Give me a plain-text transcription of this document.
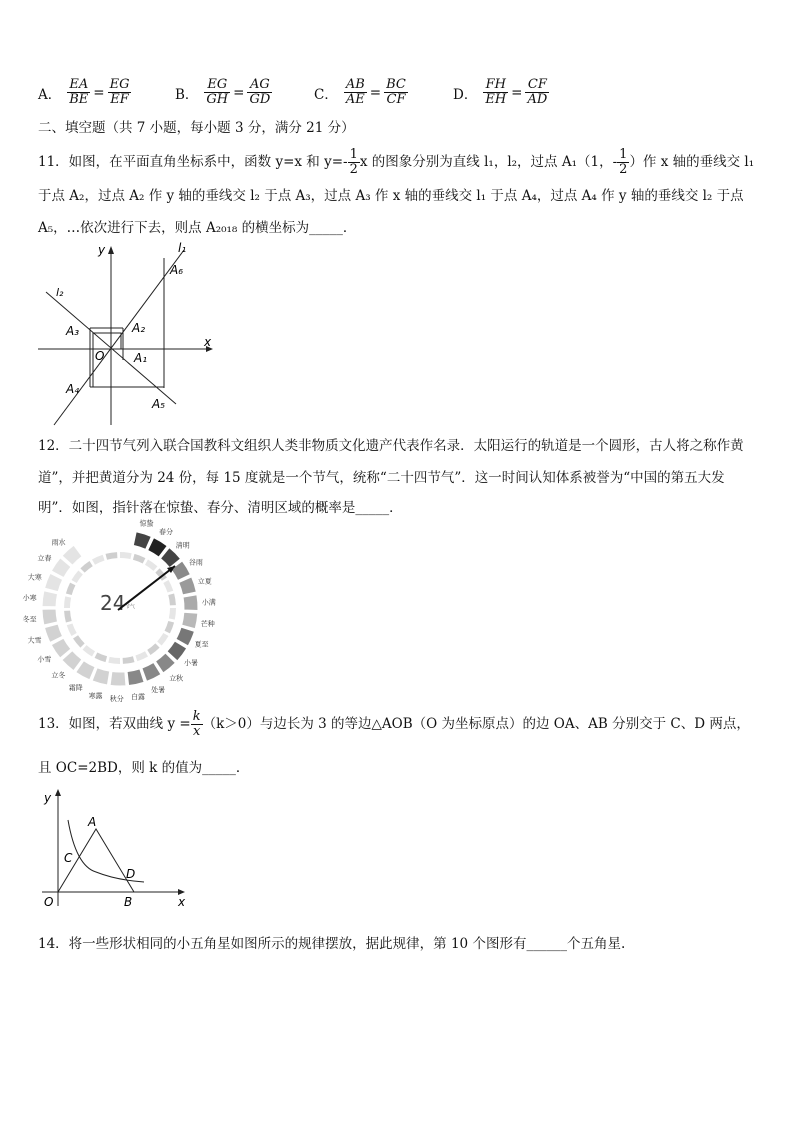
A． $\frac{EA}{BE} = \frac{EG}{EF}$	B． $\frac{EG}{GH} = \frac{AG}{GD}$	C． $\frac{AB}{AE} = \frac{BC}{CF}$	D． $\frac{FH}{EH} = \frac{CF}{AD}$
二、填空题（共 7 小题，每小题 3 分，满分 21 分）
11．如图，在平面直角坐标系中，函数 y=x 和 $y=- \frac{1}{2}$ x 的图象分别为直线 l₁，l₂，过点 A₁（1，- $\frac{1}{2}$ ）作 x 轴的垂线交 l₁
于点 A₂，过点 A₂ 作 y 轴的垂线交 l₂ 于点 A₃，过点 A₃ 作 x 轴的垂线交 l₁ 于点 A₄，过点 A₄ 作 y 轴的垂线交 l₂ 于点
A₅，…依次进行下去，则点 A₂₀₁₈ 的横坐标为_____．
y
x
O
l₁
l₂
A₁
A₂
A₃
A₄
A₅
A₆
12．二十四节气列入联合国教科文组织人类非物质文化遗产代表作名录．太阳运行的轨道是一个圆形，古人将之称作黄
道”，并把黄道分为 24 份，每 15 度就是一个节气，统称“二十四节气”．这一时间认知体系被誉为“中国的第五大发
明”．如图，指针落在惊蛰、春分、清明区域的概率是_____．
惊蛰
春分
清明
谷雨
立夏
小满
芒种
夏至
小暑
立秋
处暑
白露
秋分
寒露
霜降
立冬
小雪
大雪
冬至
小寒
大寒
立春
雨水
24 节气
13．如图，若双曲线 $y = \frac{k}{x} (k>0)$与边长为 3 的等边△AOB（O 为坐标原点）的边 OA、AB 分别交于 C、D 两点，
且 OC=2BD，则 k 的值为_____．
y
x
O
A
B
C
D
14．将一些形状相同的小五角星如图所示的规律摆放，据此规律，第 10 个图形有______个五角星.
